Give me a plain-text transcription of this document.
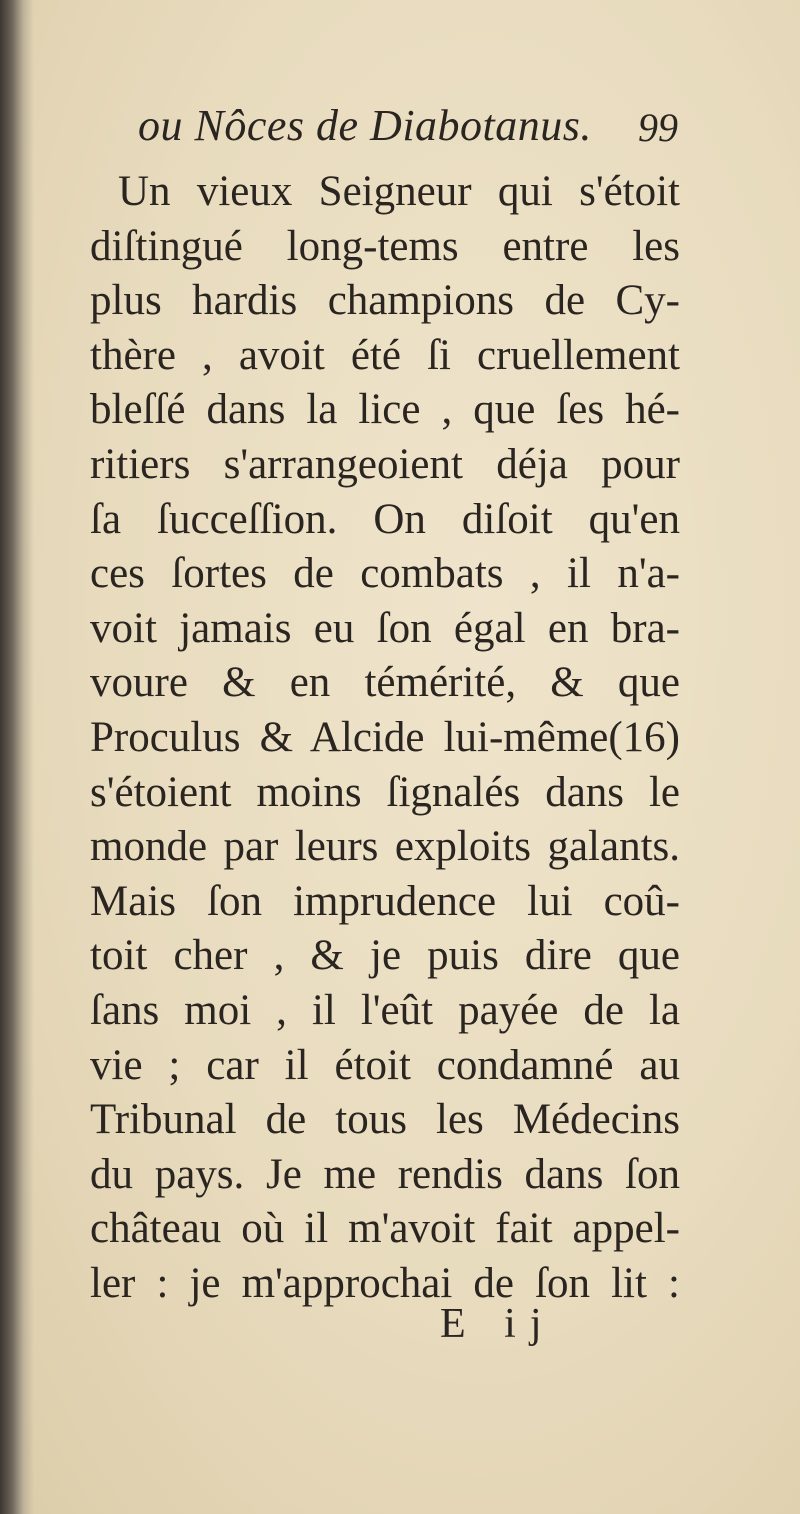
ou Nôces de Diabotanus. 99
Un vieux Seigneur qui s'étoit
diſtingué long-tems entre les
plus hardis champions de Cy-
thère , avoit été ſi cruellement
bleſſé dans la lice , que ſes hé-
ritiers s'arrangeoient déja pour
ſa ſucceſſion. On diſoit qu'en
ces ſortes de combats , il n'a-
voit jamais eu ſon égal en bra-
voure & en témérité, & que
Proculus & Alcide lui-même(16)
s'étoient moins ſignalés dans le
monde par leurs exploits galants.
Mais ſon imprudence lui coû-
toit cher , & je puis dire que
ſans moi , il l'eût payée de la
vie ; car il étoit condamné au
Tribunal de tous les Médecins
du pays. Je me rendis dans ſon
château où il m'avoit fait appel-
ler : je m'approchai de ſon lit :
E ij
